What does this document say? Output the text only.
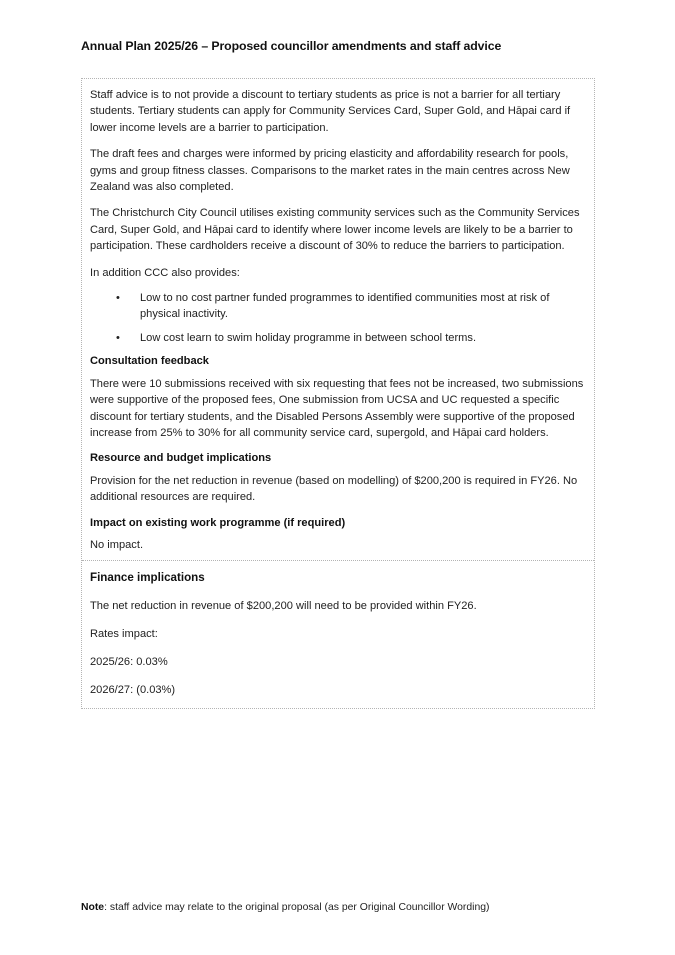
Annual Plan 2025/26 – Proposed councillor amendments and staff advice

Staff advice is to not provide a discount to tertiary students as price is not a barrier for all tertiary students. Tertiary students can apply for Community Services Card, Super Gold, and Hāpai card if lower income levels are a barrier to participation.

The draft fees and charges were informed by pricing elasticity and affordability research for pools, gyms and group fitness classes. Comparisons to the market rates in the main centres across New Zealand was also completed.

The Christchurch City Council utilises existing community services such as the Community Services Card, Super Gold, and Hāpai card to identify where lower income levels are likely to be a barrier to participation. These cardholders receive a discount of 30% to reduce the barriers to participation.

In addition CCC also provides:

• Low to no cost partner funded programmes to identified communities most at risk of physical inactivity.
• Low cost learn to swim holiday programme in between school terms.
Consultation feedback

There were 10 submissions received with six requesting that fees not be increased, two submissions were supportive of the proposed fees, One submission from UCSA and UC requested a specific discount for tertiary students, and the Disabled Persons Assembly were supportive of the proposed increase from 25% to 30% for all community service card, supergold, and Hāpai card holders.

Resource and budget implications

Provision for the net reduction in revenue (based on modelling) of $200,200 is required in FY26. No additional resources are required.

Impact on existing work programme (if required)

No impact.

Finance implications

The net reduction in revenue of $200,200 will need to be provided within FY26.

Rates impact:

2025/26: 0.03%

2026/27: (0.03%)

Note: staff advice may relate to the original proposal (as per Original Councillor Wording)
